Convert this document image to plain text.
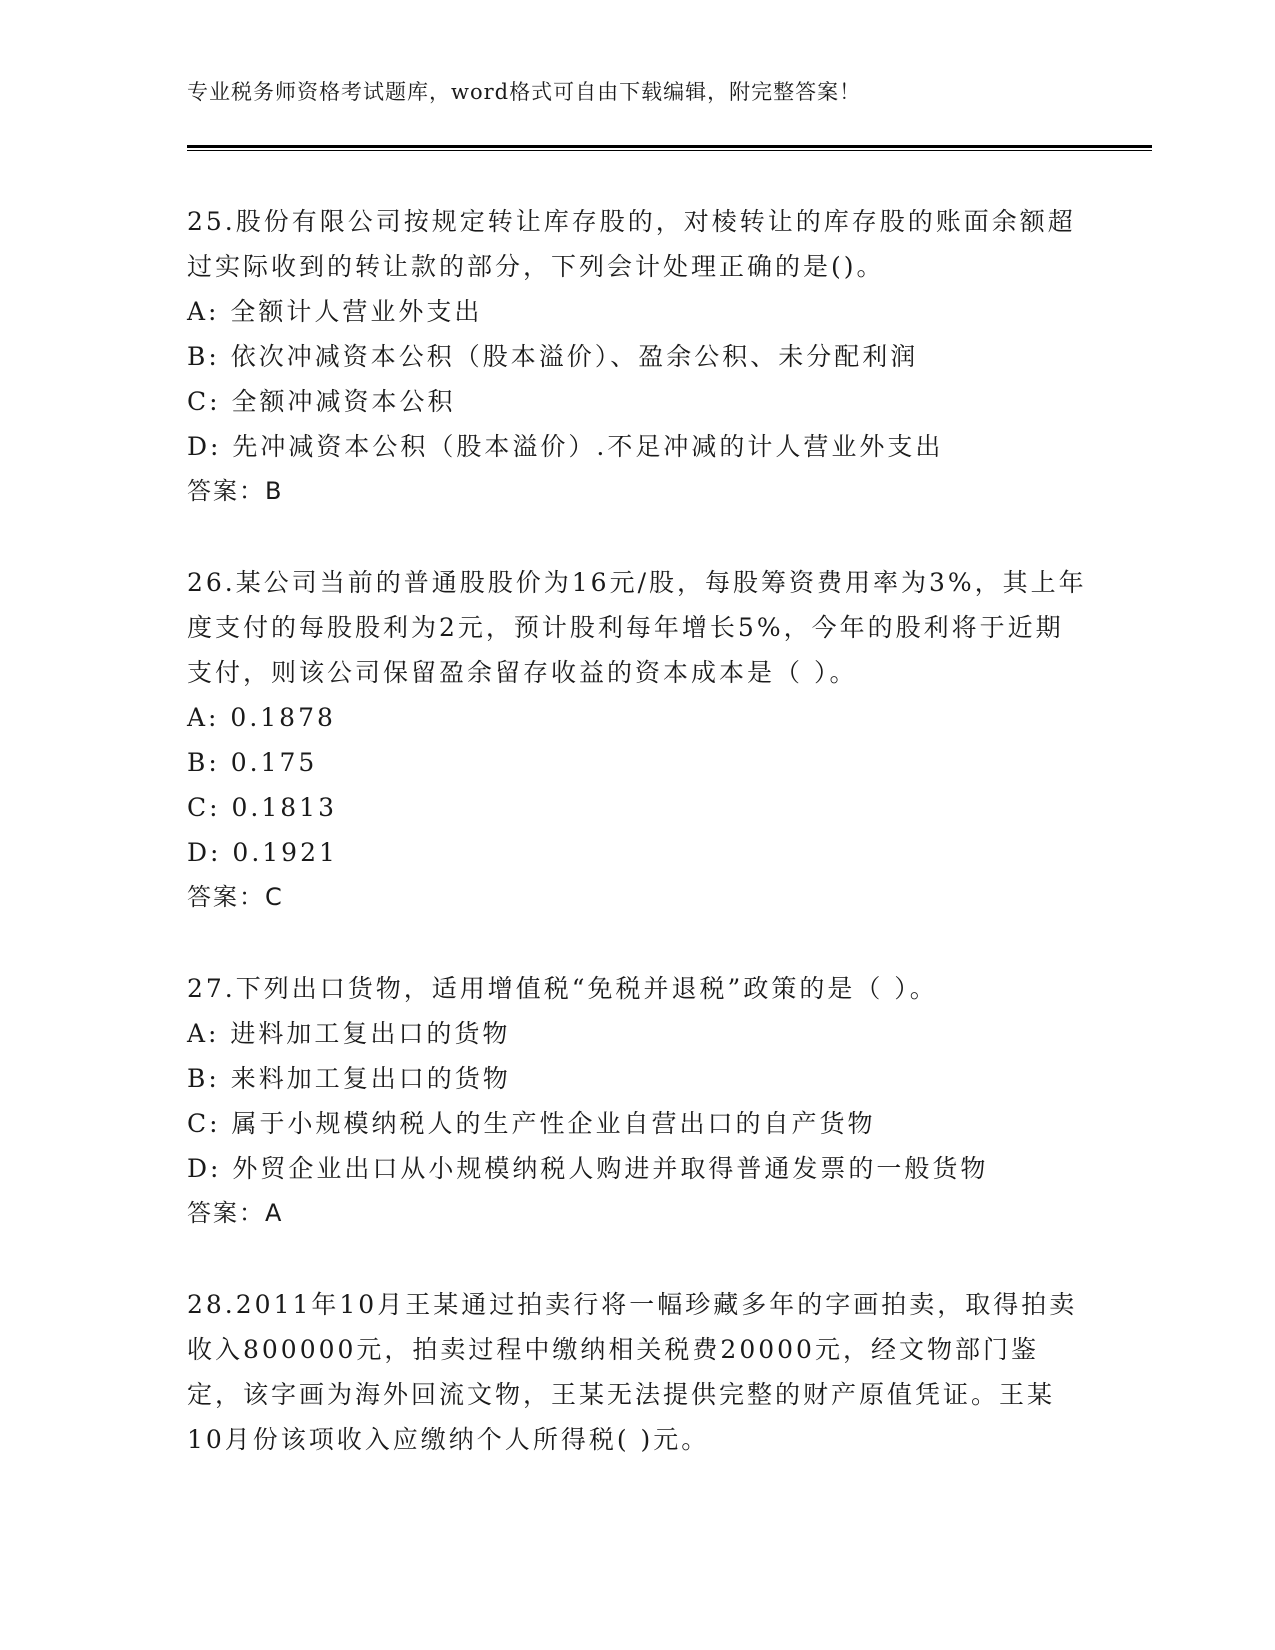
专业税务师资格考试题库，word格式可自由下载编辑，附完整答案！

25.股份有限公司按规定转让库存股的，对棱转让的库存股的账面余额超过实际收到的转让款的部分，下列会计处理正确的是()。

A: 全额计人营业外支出

B: 依次冲减资本公积（股本溢价）、盈余公积、未分配利润

C: 全额冲减资本公积

D: 先冲减资本公积（股本溢价）.不足冲减的计人营业外支出

答案：B

26.某公司当前的普通股股价为16元/股，每股筹资费用率为3%，其上年度支付的每股股利为2元，预计股利每年增长5%，今年的股利将于近期支付，则该公司保留盈余留存收益的资本成本是（ ）。

A: 0.1878

B: 0.175

C: 0.1813

D: 0.1921

答案：C

27.下列出口货物，适用增值税“免税并退税”政策的是（ ）。

A: 进料加工复出口的货物

B: 来料加工复出口的货物

C: 属于小规模纳税人的生产性企业自营出口的自产货物

D: 外贸企业出口从小规模纳税人购进并取得普通发票的一般货物

答案：A

28.2011年10月王某通过拍卖行将一幅珍藏多年的字画拍卖，取得拍卖收入800000元，拍卖过程中缴纳相关税费20000元，经文物部门鉴定，该字画为海外回流文物，王某无法提供完整的财产原值凭证。王某10月份该项收入应缴纳个人所得税( )元。
